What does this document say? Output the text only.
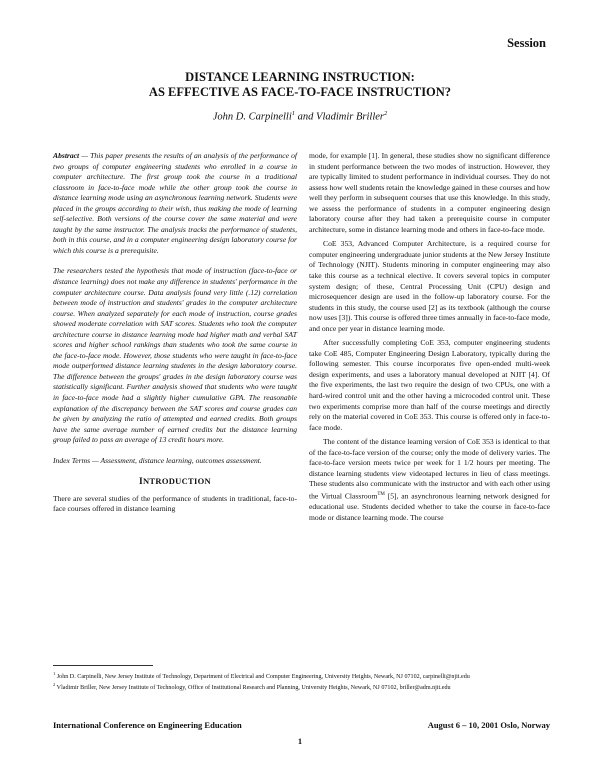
Session
DISTANCE LEARNING INSTRUCTION:
AS EFFECTIVE AS FACE-TO-FACE INSTRUCTION?
John D. Carpinelli$^1$ and Vladimir Briller$^2$

Abstract — This paper presents the results of an analysis of the performance of two groups of computer engineering students who enrolled in a course in computer architecture. The first group took the course in a traditional classroom in face-to-face mode while the other group took the course in distance learning mode using an asynchronous learning network. Students were placed in the groups according to their wish, thus making the mode of learning self-selective. Both versions of the course cover the same material and were taught by the same instructor. The analysis tracks the performance of students, both in this course, and in a computer engineering design laboratory course for which this course is a prerequisite.

The researchers tested the hypothesis that mode of instruction (face-to-face or distance learning) does not make any difference in students' performance in the computer architecture course. Data analysis found very little (.12) correlation between mode of instruction and students' grades in the computer architecture course. When analyzed separately for each mode of instruction, course grades showed moderate correlation with SAT scores. Students who took the computer architecture course in distance learning mode had higher math and verbal SAT scores and higher school rankings than students who took the same course in the face-to-face mode. However, those students who were taught in face-to-face mode outperformed distance learning students in the design laboratory course. The difference between the groups' grades in the design laboratory course was statistically significant. Further analysis showed that students who were taught in face-to-face mode had a slightly higher cumulative GPA. The reasonable explanation of the discrepancy between the SAT scores and course grades can be given by analyzing the ratio of attempted and earned credits. Both groups have the same average number of earned credits but the distance learning group failed to pass an average of 13 credit hours more.

Index Terms — Assessment, distance learning, outcomes assessment.

INTRODUCTION

There are several studies of the performance of students in traditional, face-to-face courses offered in distance learning

mode, for example [1]. In general, these studies show no significant difference in student performance between the two modes of instruction. However, they are typically limited to student performance in individual courses. They do not assess how well students retain the knowledge gained in these courses and how well they perform in subsequent courses that use this knowledge. In this study, we assess the performance of students in a computer engineering design laboratory course after they had taken a prerequisite course in computer architecture, some in distance learning mode and others in face-to-face mode.

CoE 353, Advanced Computer Architecture, is a required course for computer engineering undergraduate junior students at the New Jersey Institute of Technology (NJIT). Students minoring in computer engineering may also take this course as a technical elective. It covers several topics in computer system design; of these, Central Processing Unit (CPU) design and microsequencer design are used in the follow-up laboratory course. For the students in this study, the course used [2] as its textbook (although the course now uses [3]). This course is offered three times annually in face-to-face mode, and once per year in distance learning mode.

After successfully completing CoE 353, computer engineering students take CoE 485, Computer Engineering Design Laboratory, typically during the following semester. This course incorporates five open-ended multi-week design experiments, and uses a laboratory manual developed at NJIT [4]. Of the five experiments, the last two require the design of two CPUs, one with a hard-wired control unit and the other having a microcoded control unit. These two experiments comprise more than half of the course meetings and directly rely on the material covered in CoE 353. This course is offered only in face-to-face mode.

The content of the distance learning version of CoE 353 is identical to that of the face-to-face version of the course; only the mode of delivery varies. The face-to-face version meets twice per week for 1 1/2 hours per meeting. The distance learning students view videotaped lectures in lieu of class meetings. These students also communicate with the instructor and with each other using the Virtual Classroom™ [5], an asynchronous learning network designed for educational use. Students decided whether to take the course in face-to-face mode or distance learning mode. The course

$^1$ John D. Carpinelli, New Jersey Institute of Technology, Department of Electrical and Computer Engineering, University Heights, Newark, NJ 07102, carpinelli@njit.edu
$^2$ Vladimir Briller, New Jersey Institute of Technology, Office of Institutional Research and Planning, University Heights, Newark, NJ 07102, briller@adm.njit.edu
International Conference on Engineering Education	August 6 – 10, 2001 Oslo, Norway
1
